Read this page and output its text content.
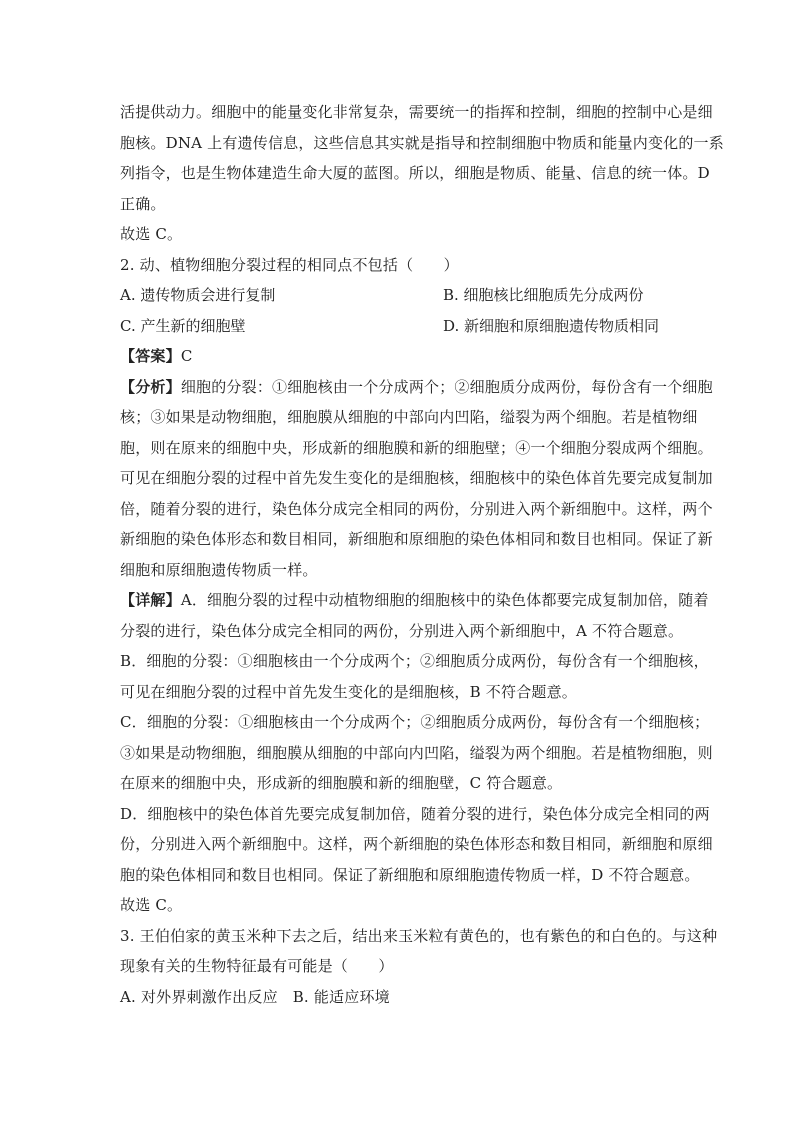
活提供动力。细胞中的能量变化非常复杂，需要统一的指挥和控制，细胞的控制中心是细
胞核。DNA 上有遗传信息，这些信息其实就是指导和控制细胞中物质和能量内变化的一系
列指令，也是生物体建造生命大厦的蓝图。所以，细胞是物质、能量、信息的统一体。D
正确。
故选 C。
2. 动、植物细胞分裂过程的相同点不包括（　　）
A. 遗传物质会进行复制	B. 细胞核比细胞质先分成两份
C. 产生新的细胞壁	D. 新细胞和原细胞遗传物质相同
【答案】C
【分析】细胞的分裂：①细胞核由一个分成两个；②细胞质分成两份，每份含有一个细胞
核；③如果是动物细胞，细胞膜从细胞的中部向内凹陷，缢裂为两个细胞。若是植物细
胞，则在原来的细胞中央，形成新的细胞膜和新的细胞壁；④一个细胞分裂成两个细胞。
可见在细胞分裂的过程中首先发生变化的是细胞核，细胞核中的染色体首先要完成复制加
倍，随着分裂的进行，染色体分成完全相同的两份，分别进入两个新细胞中。这样，两个
新细胞的染色体形态和数目相同，新细胞和原细胞的染色体相同和数目也相同。保证了新
细胞和原细胞遗传物质一样。
【详解】A．细胞分裂的过程中动植物细胞的细胞核中的染色体都要完成复制加倍，随着
分裂的进行，染色体分成完全相同的两份，分别进入两个新细胞中，A 不符合题意。
B．细胞的分裂：①细胞核由一个分成两个；②细胞质分成两份，每份含有一个细胞核，
可见在细胞分裂的过程中首先发生变化的是细胞核，B 不符合题意。
C．细胞的分裂：①细胞核由一个分成两个；②细胞质分成两份，每份含有一个细胞核；
③如果是动物细胞，细胞膜从细胞的中部向内凹陷，缢裂为两个细胞。若是植物细胞，则
在原来的细胞中央，形成新的细胞膜和新的细胞壁，C 符合题意。
D．细胞核中的染色体首先要完成复制加倍，随着分裂的进行，染色体分成完全相同的两
份，分别进入两个新细胞中。这样，两个新细胞的染色体形态和数目相同，新细胞和原细
胞的染色体相同和数目也相同。保证了新细胞和原细胞遗传物质一样，D 不符合题意。
故选 C。
3. 王伯伯家的黄玉米种下去之后，结出来玉米粒有黄色的，也有紫色的和白色的。与这种
现象有关的生物特征最有可能是（　　）
A. 对外界刺激作出反应 B. 能适应环境
